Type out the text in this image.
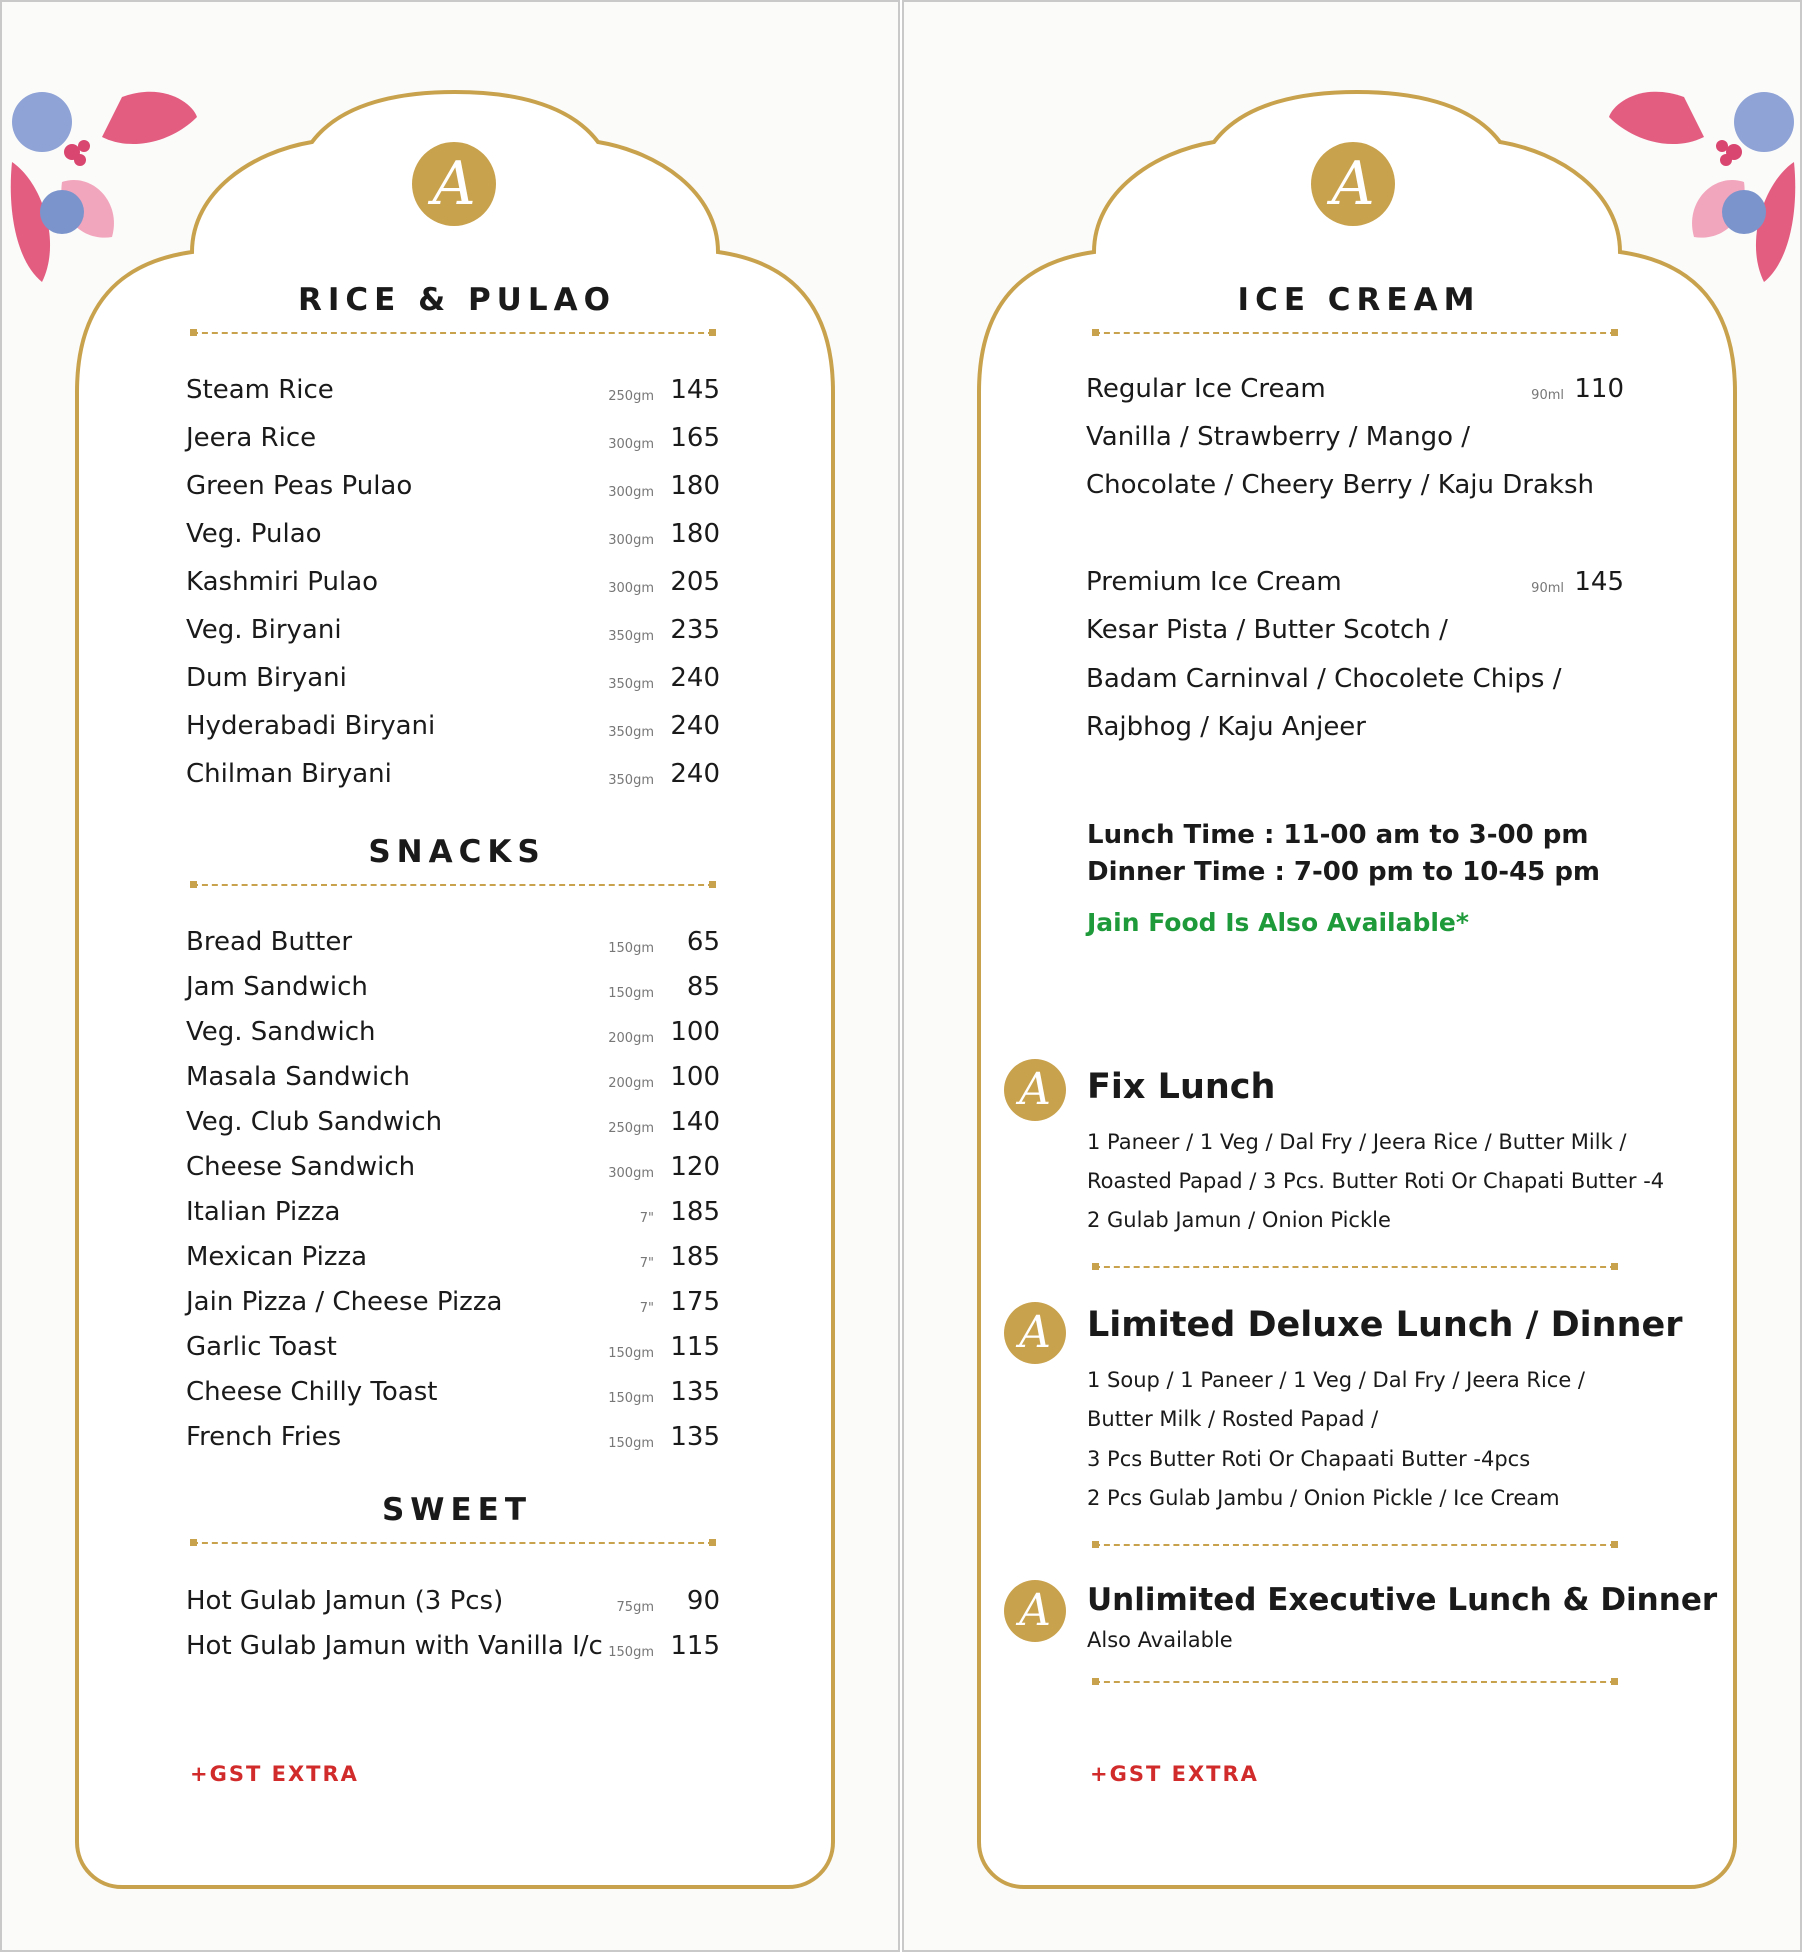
A
RICE & PULAO
SNACKS
SWEET
+GST EXTRA
Steam Rice	250gm 145
Jeera Rice	300gm 165
Green Peas Pulao	300gm 180
Veg. Pulao	300gm 180
Kashmiri Pulao	300gm 205
Veg. Biryani	350gm 235
Dum Biryani	350gm 240
Hyderabadi Biryani	350gm 240
Chilman Biryani	350gm 240
Bread Butter	150gm	65
Jam Sandwich	150gm	85
Veg. Sandwich	200gm 100
Masala Sandwich	200gm 100
Veg. Club Sandwich	250gm 140
Cheese Sandwich	300gm 120
Italian Pizza	7" 185
Mexican Pizza	7" 185
Jain Pizza / Cheese Pizza	7" 175
Garlic Toast	150gm 115
Cheese Chilly Toast	150gm 135
French Fries	150gm 135
Hot Gulab Jamun (3 Pcs)	75gm	90
Hot Gulab Jamun with Vanilla I/c 150gm 115
A
ICE CREAM
Regular Ice Cream	90ml 110
Vanilla / Strawberry / Mango /
Chocolate / Cheery Berry / Kaju Draksh
Premium Ice Cream	90ml 145
Kesar Pista / Butter Scotch /
Badam Carninval / Chocolete Chips /
Rajbhog / Kaju Anjeer
Lunch Time : 11-00 am to 3-00 pm
Dinner Time : 7-00 pm to 10-45 pm
Jain Food Is Also Available*
A	Fix Lunch
1 Paneer / 1 Veg / Dal Fry / Jeera Rice / Butter Milk /
Roasted Papad / 3 Pcs. Butter Roti Or Chapati Butter -4
2 Gulab Jamun / Onion Pickle
A	Limited Deluxe Lunch / Dinner
1 Soup / 1 Paneer / 1 Veg / Dal Fry / Jeera Rice /
Butter Milk / Rosted Papad /
3 Pcs Butter Roti Or Chapaati Butter -4pcs
2 Pcs Gulab Jambu / Onion Pickle / Ice Cream
A	Unlimited Executive Lunch & Dinner
Also Available
+GST EXTRA
